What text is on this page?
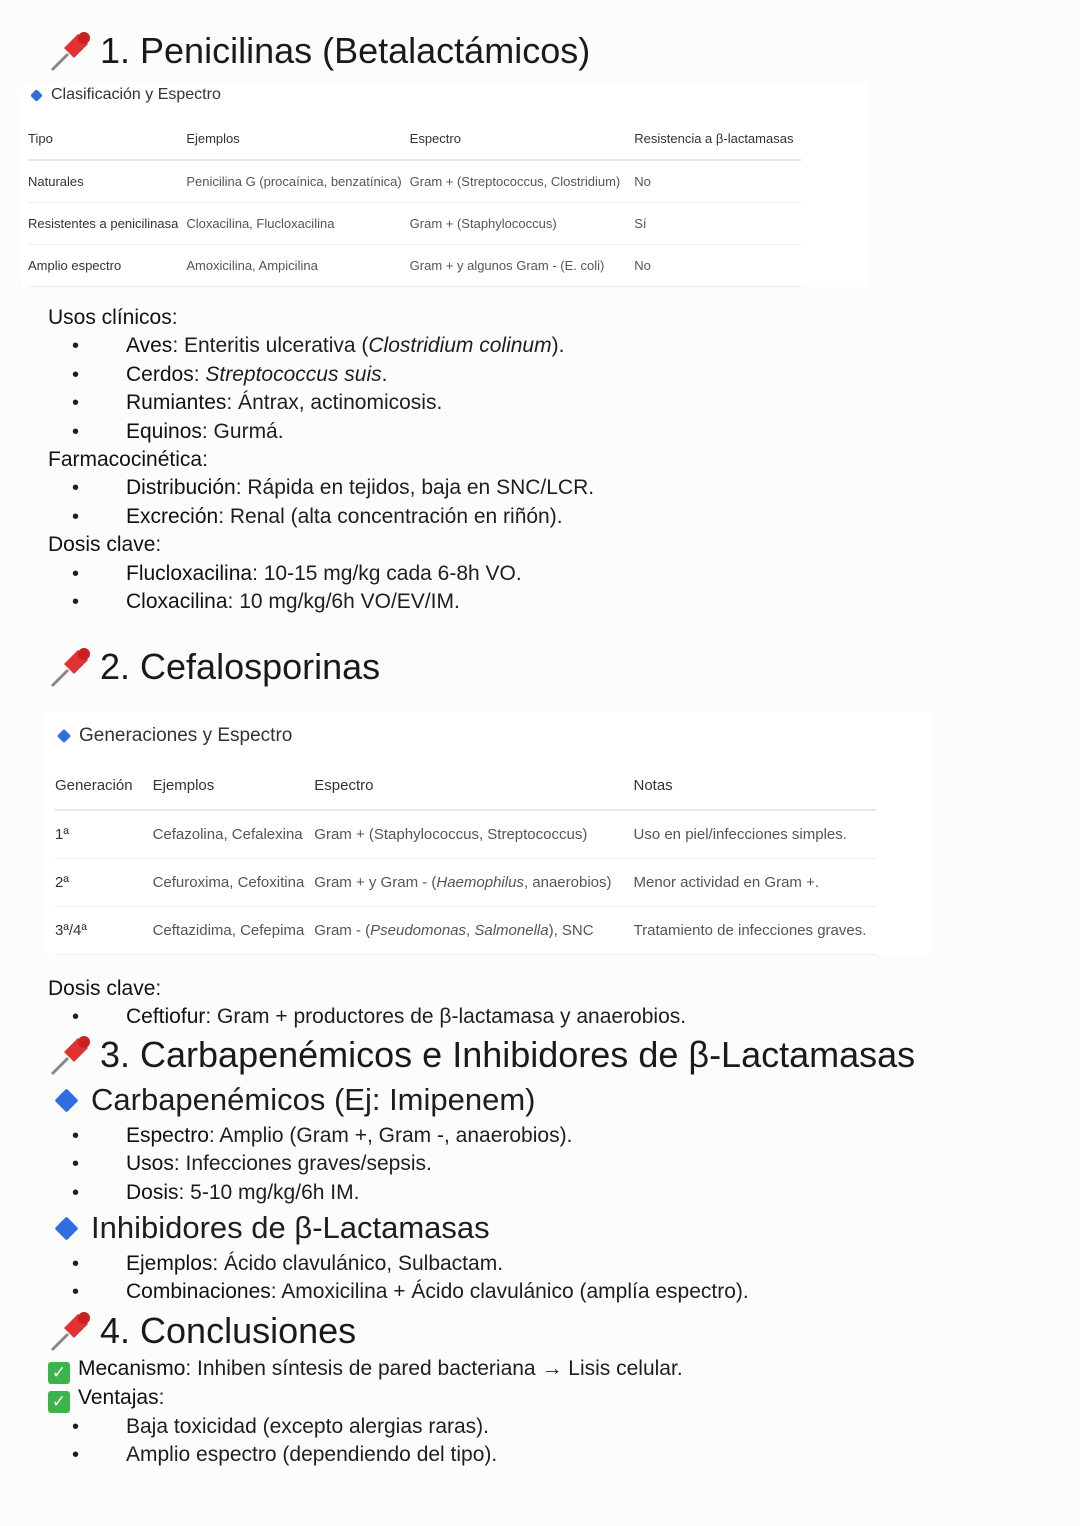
1. Penicilinas (Betalactámicos)
Clasificación y Espectro
Tipo	Ejemplos	Espectro	Resistencia a β-lactamasas
Naturales	Penicilina G (procaínica, benzatínica)	Gram + (Streptococcus, Clostridium)	No
Resistentes a penicilinasa	Cloxacilina, Flucloxacilina	Gram + (Staphylococcus)	Sí
Amplio espectro	Amoxicilina, Ampicilina	Gram + y algunos Gram - (E. coli)	No
Usos clínicos:
• Aves: Enteritis ulcerativa (Clostridium colinum).
• Cerdos: Streptococcus suis.
• Rumiantes: Ántrax, actinomicosis.
• Equinos: Gurmá.
Farmacocinética:
• Distribución: Rápida en tejidos, baja en SNC/LCR.
• Excreción: Renal (alta concentración en riñón).
Dosis clave:
• Flucloxacilina: 10-15 mg/kg cada 6-8h VO.
• Cloxacilina: 10 mg/kg/6h VO/EV/IM.
2. Cefalosporinas
Generaciones y Espectro
Generación	Ejemplos	Espectro	Notas
1ª	Cefazolina, Cefalexina	Gram + (Staphylococcus, Streptococcus)	Uso en piel/infecciones simples.
2ª	Cefuroxima, Cefoxitina	Gram + y Gram - (Haemophilus, anaerobios)	Menor actividad en Gram +.
3ª/4ª	Ceftazidima, Cefepima	Gram - (Pseudomonas, Salmonella), SNC	Tratamiento de infecciones graves.
Dosis clave:
• Ceftiofur: Gram + productores de β-lactamasa y anaerobios.
3. Carbapenémicos e Inhibidores de β-Lactamasas
Carbapenémicos (Ej: Imipenem)
• Espectro: Amplio (Gram +, Gram -, anaerobios).
• Usos: Infecciones graves/sepsis.
• Dosis: 5-10 mg/kg/6h IM.
Inhibidores de β-Lactamasas
• Ejemplos: Ácido clavulánico, Sulbactam.
• Combinaciones: Amoxicilina + Ácido clavulánico (amplía espectro).
4. Conclusiones
✓ Mecanismo: Inhiben síntesis de pared bacteriana → Lisis celular.
✓ Ventajas:
• Baja toxicidad (excepto alergias raras).
• Amplio espectro (dependiendo del tipo).
